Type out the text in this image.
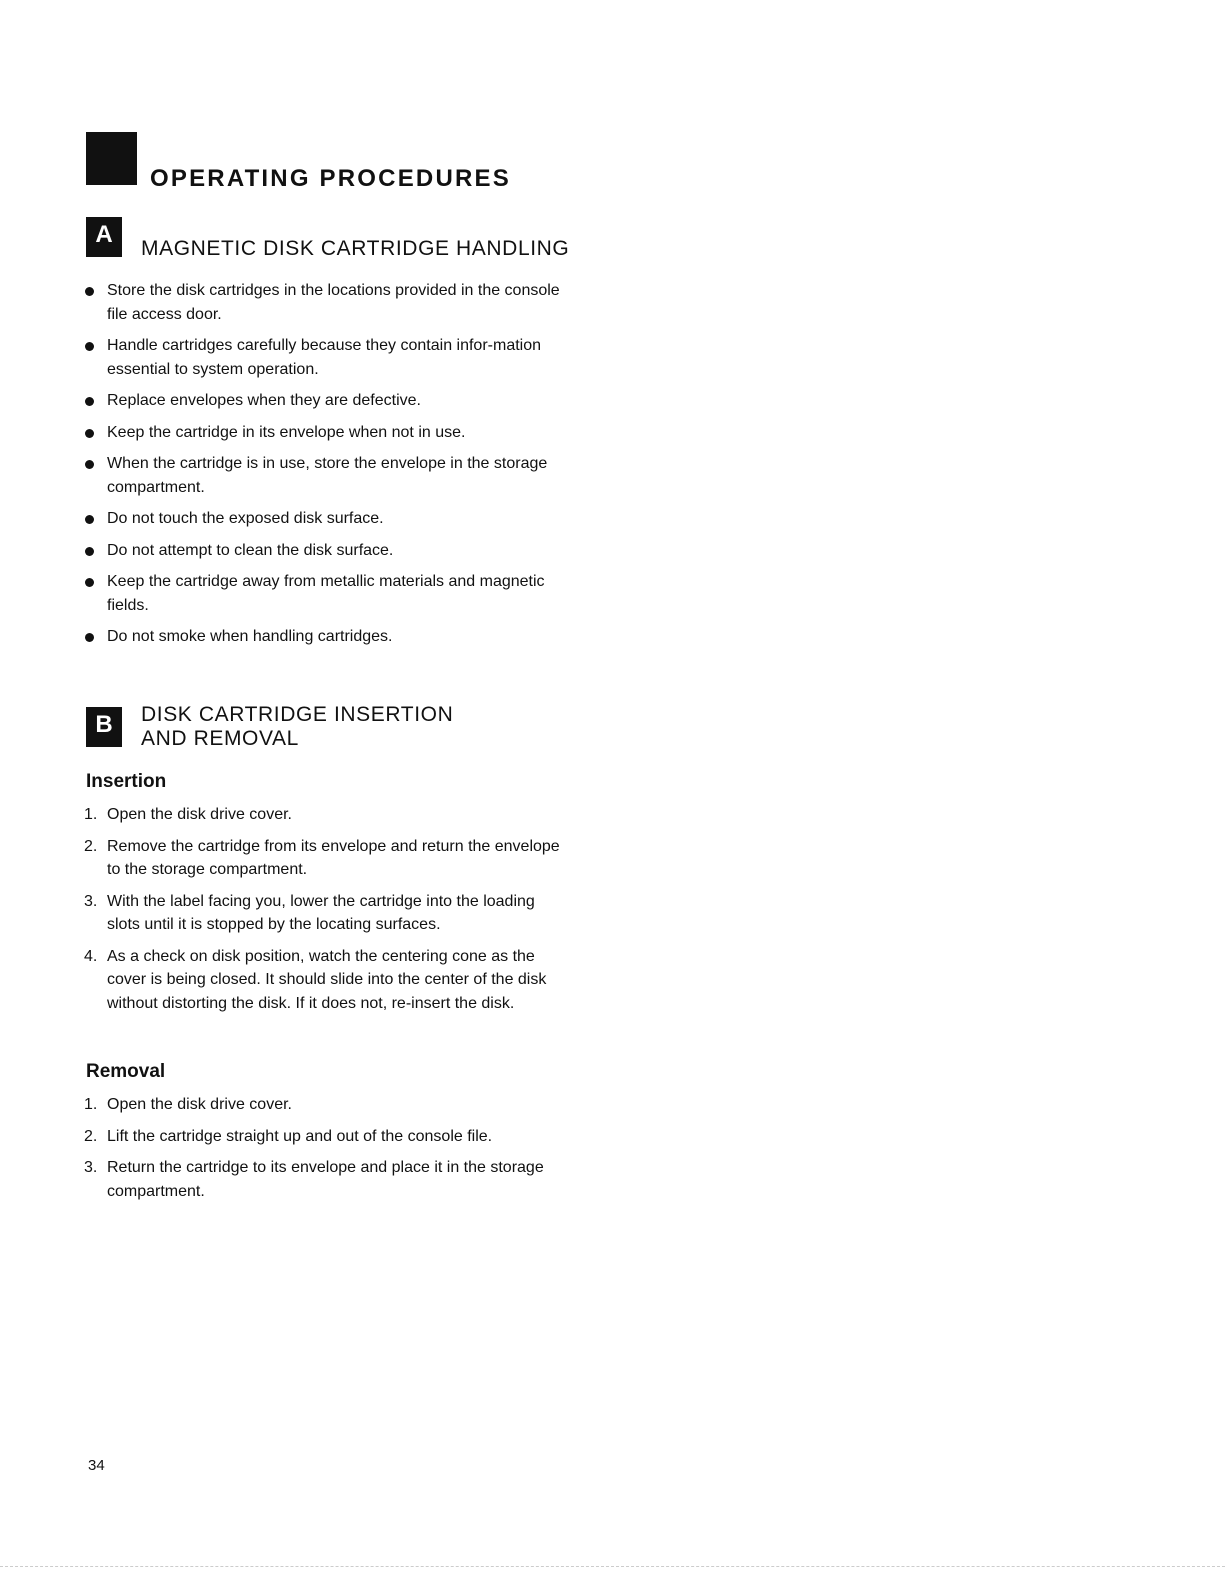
OPERATING PROCEDURES
A
MAGNETIC DISK CARTRIDGE HANDLING
Store the disk cartridges in the locations provided in the console file access door.
Handle cartridges carefully because they contain infor-mation essential to system operation.
Replace envelopes when they are defective.
Keep the cartridge in its envelope when not in use.
When the cartridge is in use, store the envelope in the storage compartment.
Do not touch the exposed disk surface.
Do not attempt to clean the disk surface.
Keep the cartridge away from metallic materials and magnetic fields.
Do not smoke when handling cartridges.
B DISK CARTRIDGE INSERTION
AND REMOVAL
Insertion
1. Open the disk drive cover.
2. Remove the cartridge from its envelope and return the envelope to the storage compartment.
3. With the label facing you, lower the cartridge into the loading slots until it is stopped by the locating surfaces.
4. As a check on disk position, watch the centering cone as the cover is being closed. It should slide into the center of the disk without distorting the disk. If it does not, re-insert the disk.
Removal
1. Open the disk drive cover.
2. Lift the cartridge straight up and out of the console file.
3. Return the cartridge to its envelope and place it in the storage compartment.
34
